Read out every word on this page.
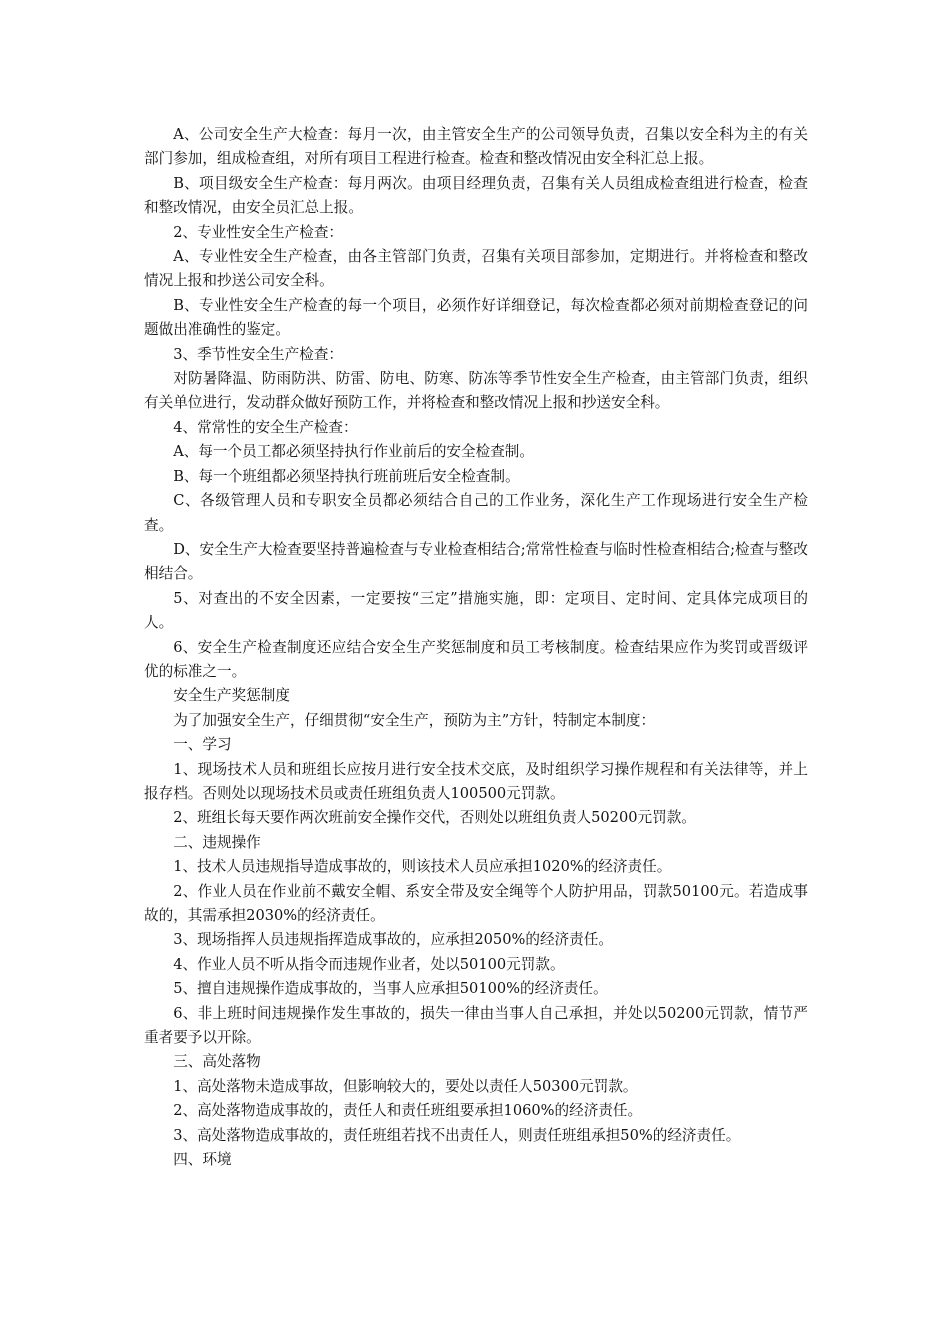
A、公司安全生产大检查：每月一次，由主管安全生产的公司领导负责，召集以安全科为主的有关部门参加，组成检查组，对所有项目工程进行检查。检查和整改情况由安全科汇总上报。

B、项目级安全生产检查：每月两次。由项目经理负责，召集有关人员组成检查组进行检查，检查和整改情况，由安全员汇总上报。

2、专业性安全生产检查：

A、专业性安全生产检查，由各主管部门负责，召集有关项目部参加，定期进行。并将检查和整改情况上报和抄送公司安全科。

B、专业性安全生产检查的每一个项目，必须作好详细登记，每次检查都必须对前期检查登记的问题做出准确性的鉴定。

3、季节性安全生产检查：

对防暑降温、防雨防洪、防雷、防电、防寒、防冻等季节性安全生产检查，由主管部门负责，组织有关单位进行，发动群众做好预防工作，并将检查和整改情况上报和抄送安全科。

4、常常性的安全生产检查：

A、每一个员工都必须坚持执行作业前后的安全检查制。

B、每一个班组都必须坚持执行班前班后安全检查制。

C、各级管理人员和专职安全员都必须结合自己的工作业务，深化生产工作现场进行安全生产检查。

D、安全生产大检查要坚持普遍检查与专业检查相结合;常常性检查与临时性检查相结合;检查与整改相结合。

5、对查出的不安全因素，一定要按“三定”措施实施，即：定项目、定时间、定具体完成项目的人。

6、安全生产检查制度还应结合安全生产奖惩制度和员工考核制度。检查结果应作为奖罚或晋级评优的标准之一。

安全生产奖惩制度

为了加强安全生产，仔细贯彻“安全生产，预防为主”方针，特制定本制度：

一、学习

1、现场技术人员和班组长应按月进行安全技术交底，及时组织学习操作规程和有关法律等，并上报存档。否则处以现场技术员或责任班组负责人100500元罚款。

2、班组长每天要作两次班前安全操作交代，否则处以班组负责人50200元罚款。

二、违规操作

1、技术人员违规指导造成事故的，则该技术人员应承担1020%的经济责任。

2、作业人员在作业前不戴安全帽、系安全带及安全绳等个人防护用品，罚款50100元。若造成事故的，其需承担2030%的经济责任。

3、现场指挥人员违规指挥造成事故的，应承担2050%的经济责任。

4、作业人员不听从指令而违规作业者，处以50100元罚款。

5、擅自违规操作造成事故的，当事人应承担50100%的经济责任。

6、非上班时间违规操作发生事故的，损失一律由当事人自己承担，并处以50200元罚款，情节严重者要予以开除。

三、高处落物

1、高处落物未造成事故，但影响较大的，要处以责任人50300元罚款。

2、高处落物造成事故的，责任人和责任班组要承担1060%的经济责任。

3、高处落物造成事故的，责任班组若找不出责任人，则责任班组承担50%的经济责任。

四、环境
